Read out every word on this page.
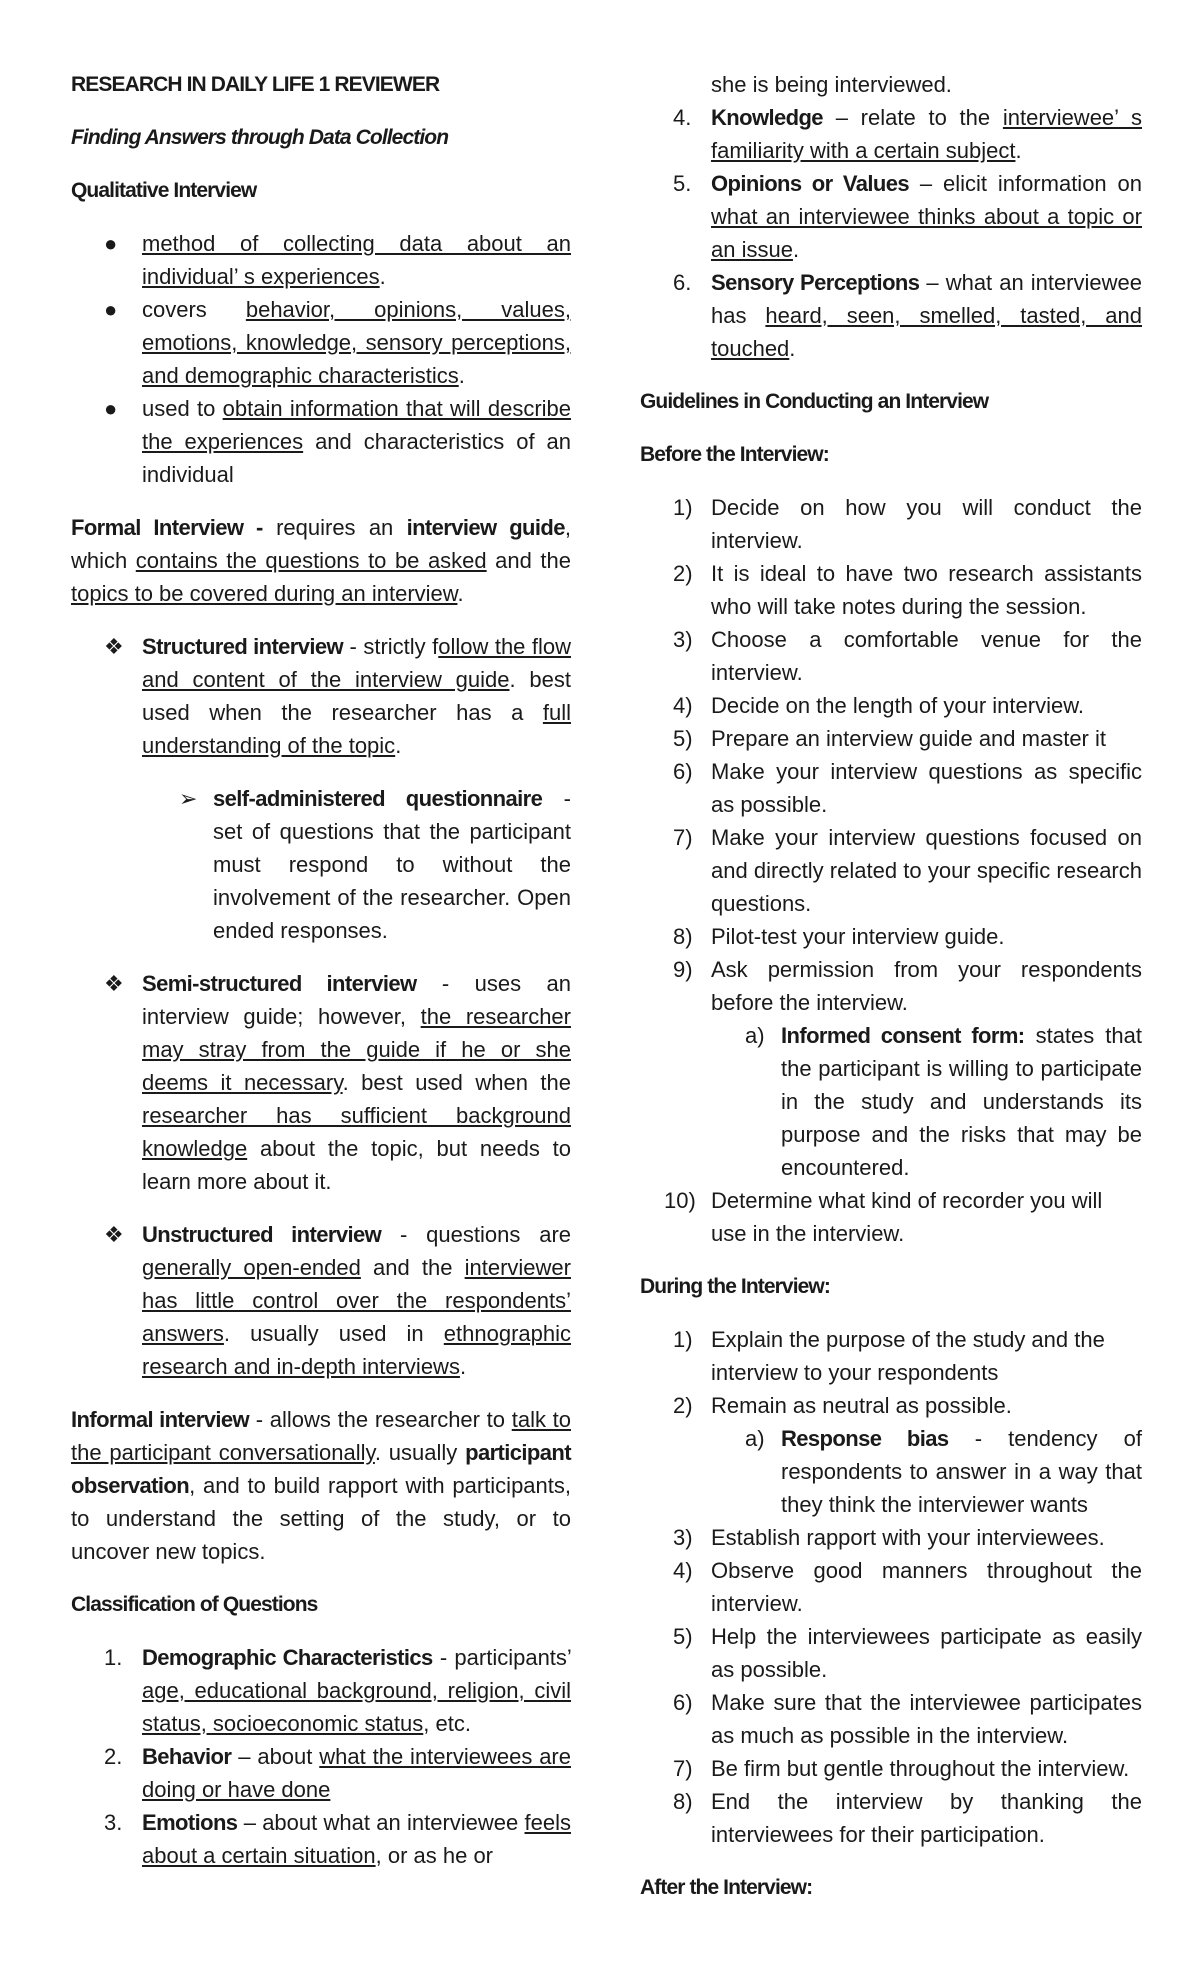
RESEARCH IN DAILY LIFE 1 REVIEWER
Finding Answers through Data Collection
Qualitative Interview
●	method of collecting data about an individual’ s experiences.
●	covers behavior, opinions, values, emotions, knowledge, sensory perceptions, and demographic characteristics.
●	used to obtain information that will describe the experiences and characteristics of an individual

Formal Interview - requires an interview guide, which contains the questions to be asked and the topics to be covered during an interview.

❖ Structured interview - strictly follow the flow and content of the interview guide. best used when the researcher has a full understanding of the topic.
➢ self-administered questionnaire - set of questions that the participant must respond to without the involvement of the researcher. Open ended responses.
❖ Semi-structured interview - uses an interview guide; however, the researcher may stray from the guide if he or she deems it necessary. best used when the researcher has sufficient background knowledge about the topic, but needs to learn more about it.
❖ Unstructured interview - questions are generally open-ended and the interviewer has little control over the respondents’ answers. usually used in ethnographic research and in-depth interviews.

Informal interview - allows the researcher to talk to the participant conversationally. usually participant observation, and to build rapport with participants, to understand the setting of the study, or to uncover new topics.

Classification of Questions
1. Demographic Characteristics - participants’ age, educational background, religion, civil status, socioeconomic status, etc.
2. Behavior – about what the interviewees are doing or have done
3. Emotions – about what an interviewee feels about a certain situation, or as he or
she is being interviewed.
4. Knowledge – relate to the interviewee’ s familiarity with a certain subject.
5. Opinions or Values – elicit information on what an interviewee thinks about a topic or an issue.
6. Sensory Perceptions – what an interviewee has heard, seen, smelled, tasted, and touched.
Guidelines in Conducting an Interview
Before the Interview:
1) Decide on how you will conduct the interview.
2) It is ideal to have two research assistants who will take notes during the session.
3) Choose a comfortable venue for the interview.
4) Decide on the length of your interview.
5) Prepare an interview guide and master it
6) Make your interview questions as specific as possible.
7) Make your interview questions focused on and directly related to your specific research questions.
8) Pilot-test your interview guide.
9) Ask permission from your respondents before the interview.
a) Informed consent form: states that the participant is willing to participate in the study and understands its purpose and the risks that may be encountered.
10) Determine what kind of recorder you will use in the interview.
During the Interview:
1) Explain the purpose of the study and the interview to your respondents
2) Remain as neutral as possible.
a) Response bias - tendency of respondents to answer in a way that they think the interviewer wants
3) Establish rapport with your interviewees.
4) Observe good manners throughout the interview.
5) Help the interviewees participate as easily as possible.
6) Make sure that the interviewee participates as much as possible in the interview.
7) Be firm but gentle throughout the interview.
8) End the interview by thanking the interviewees for their participation.
After the Interview:
